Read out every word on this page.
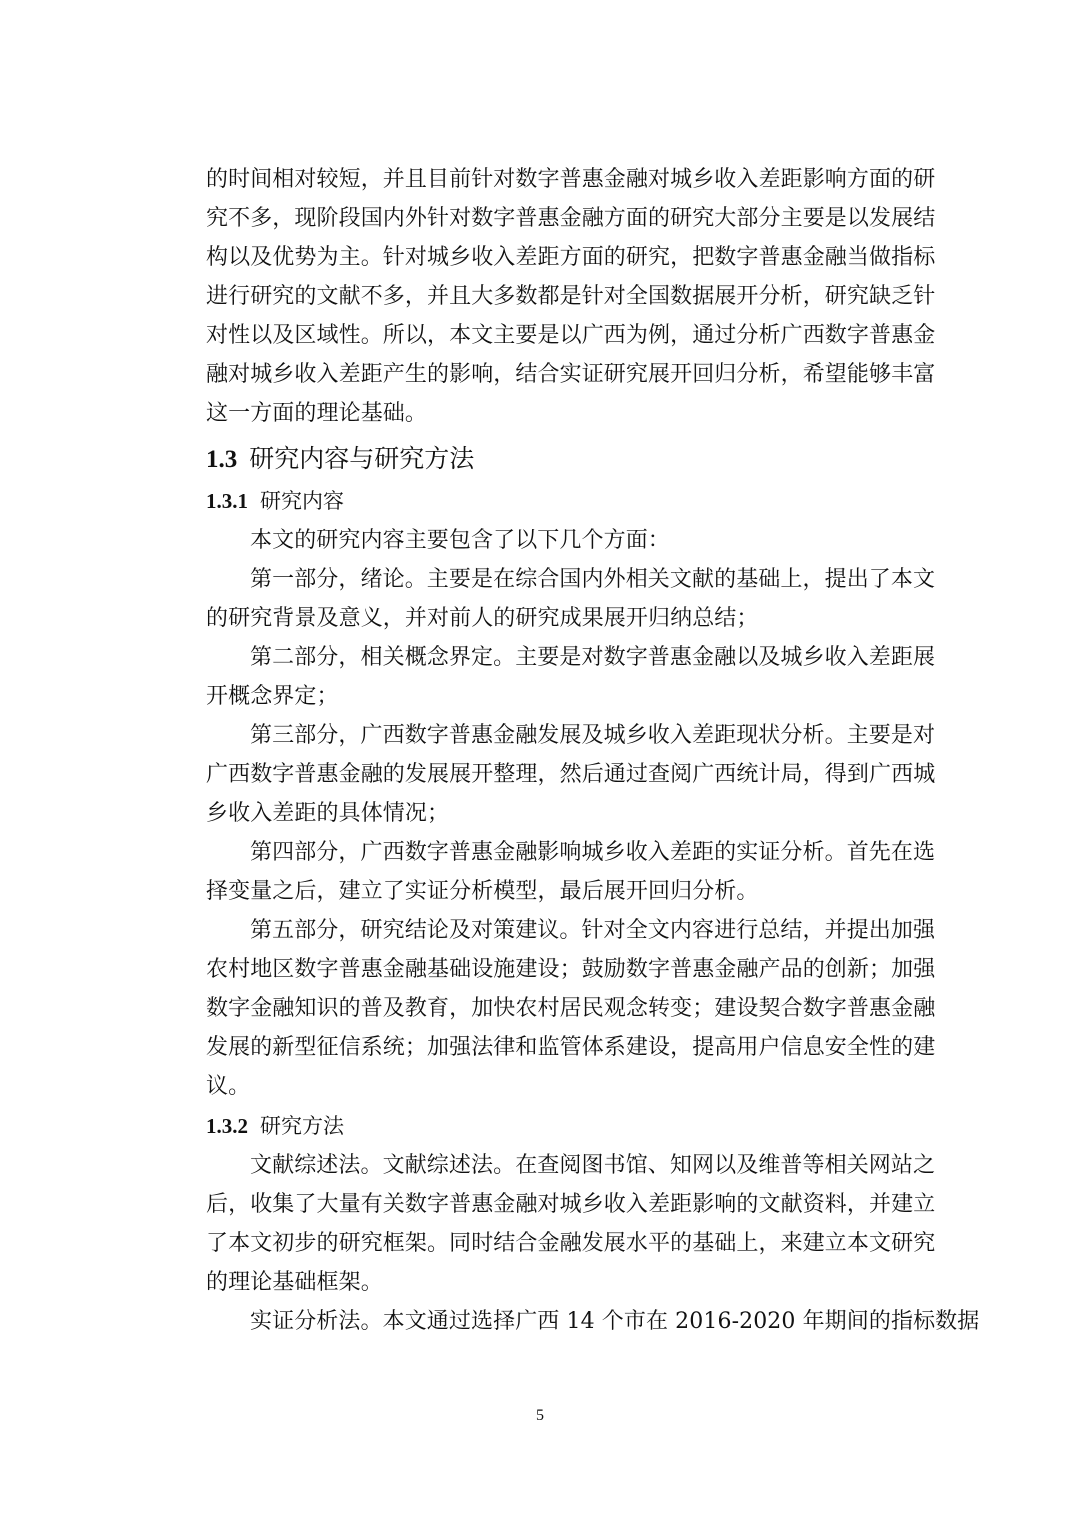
的时间相对较短，并且目前针对数字普惠金融对城乡收入差距影响方面的研
究不多，现阶段国内外针对数字普惠金融方面的研究大部分主要是以发展结
构以及优势为主。针对城乡收入差距方面的研究，把数字普惠金融当做指标
进行研究的文献不多，并且大多数都是针对全国数据展开分析，研究缺乏针
对性以及区域性。所以，本文主要是以广西为例，通过分析广西数字普惠金
融对城乡收入差距产生的影响，结合实证研究展开回归分析，希望能够丰富
这一方面的理论基础。
1.3 研究内容与研究方法
1.3.1 研究内容
本文的研究内容主要包含了以下几个方面：
第一部分，绪论。主要是在综合国内外相关文献的基础上，提出了本文
的研究背景及意义，并对前人的研究成果展开归纳总结；
第二部分，相关概念界定。主要是对数字普惠金融以及城乡收入差距展
开概念界定；
第三部分，广西数字普惠金融发展及城乡收入差距现状分析。主要是对
广西数字普惠金融的发展展开整理，然后通过查阅广西统计局，得到广西城
乡收入差距的具体情况；
第四部分，广西数字普惠金融影响城乡收入差距的实证分析。首先在选
择变量之后，建立了实证分析模型，最后展开回归分析。
第五部分，研究结论及对策建议。针对全文内容进行总结，并提出加强
农村地区数字普惠金融基础设施建设；鼓励数字普惠金融产品的创新；加强
数字金融知识的普及教育，加快农村居民观念转变；建设契合数字普惠金融
发展的新型征信系统；加强法律和监管体系建设，提高用户信息安全性的建
议。
1.3.2 研究方法
文献综述法。文献综述法。在查阅图书馆、知网以及维普等相关网站之
后，收集了大量有关数字普惠金融对城乡收入差距影响的文献资料，并建立
了本文初步的研究框架。同时结合金融发展水平的基础上，来建立本文研究
的理论基础框架。
实证分析法。本文通过选择广西 14 个市在 2016-2020 年期间的指标数据
5
